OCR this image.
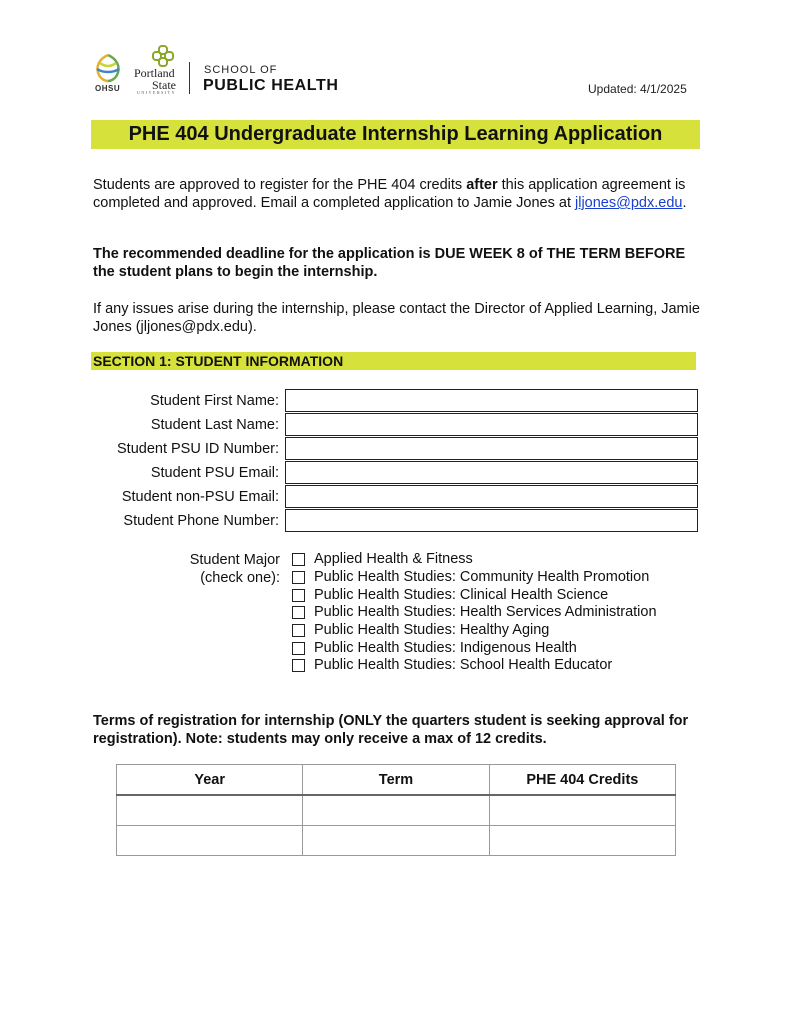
OHSU
Portland
State
UNIVERSITY
SCHOOL OF
PUBLIC HEALTH	Updated: 4/1/2025
PHE 404 Undergraduate Internship Learning Application
Students are approved to register for the PHE 404 credits after this application agreement is completed and approved. Email a completed application to Jamie Jones at jljones@pdx.edu.
The recommended deadline for the application is DUE WEEK 8 of THE TERM BEFORE the student plans to begin the internship.
If any issues arise during the internship, please contact the Director of Applied Learning, Jamie Jones (jljones@pdx.edu).
SECTION 1: STUDENT INFORMATION
Student First Name:
Student Last Name:
Student PSU ID Number:
Student PSU Email:
Student non-PSU Email:
Student Phone Number:
Student Major
(check one):
Applied Health & Fitness
Public Health Studies: Community Health Promotion
Public Health Studies: Clinical Health Science
Public Health Studies: Health Services Administration
Public Health Studies: Healthy Aging
Public Health Studies: Indigenous Health
Public Health Studies: School Health Educator
Terms of registration for internship (ONLY the quarters student is seeking approval for registration). Note: students may only receive a max of 12 credits.
Year	Term	PHE 404 Credits
